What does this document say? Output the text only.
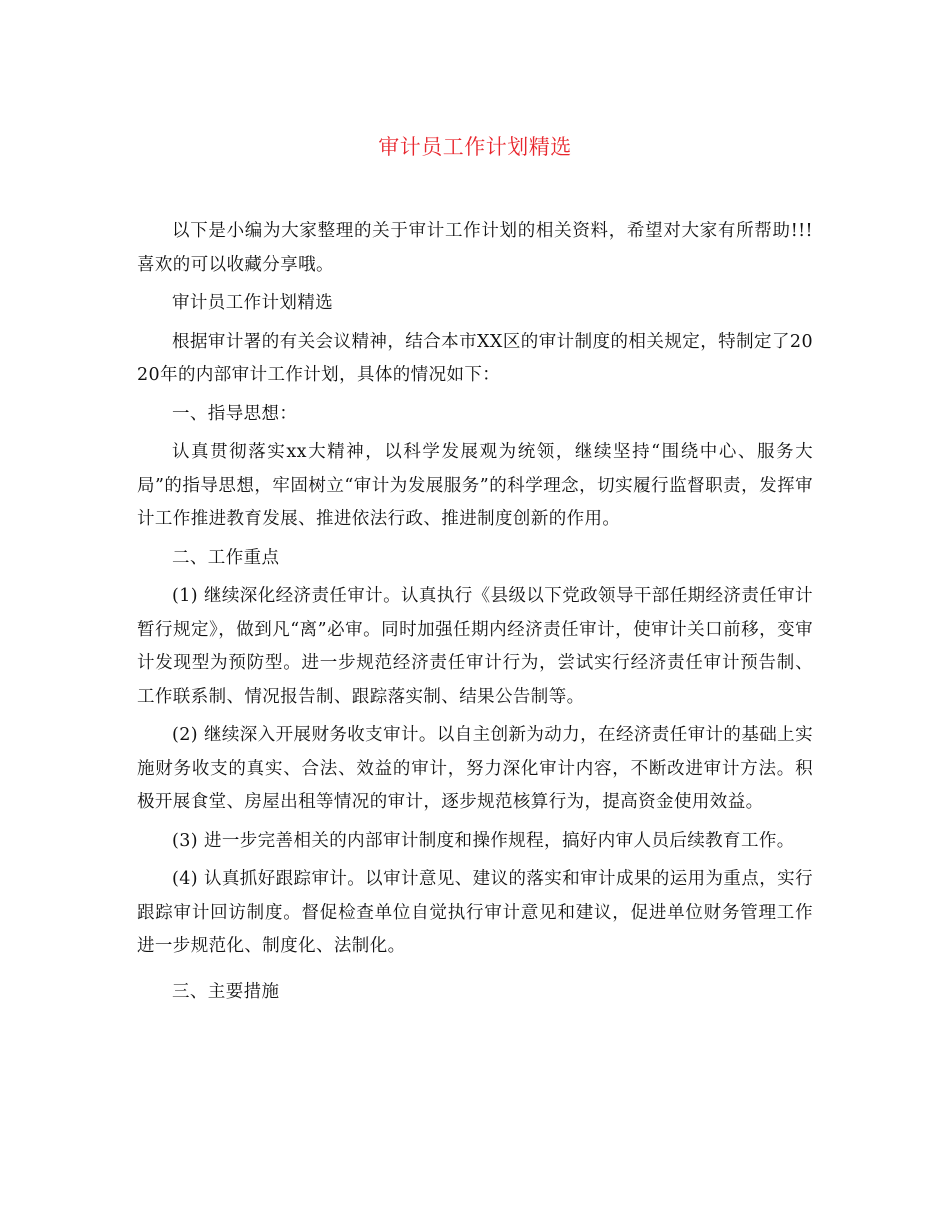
审计员工作计划精选

以下是小编为大家整理的关于审计工作计划的相关资料，希望对大家有所帮助!!!喜欢的可以收藏分享哦。

审计员工作计划精选

根据审计署的有关会议精神，结合本市XX区的审计制度的相关规定，特制定了2020年的内部审计工作计划，具体的情况如下：

一、指导思想：

认真贯彻落实xx大精神，以科学发展观为统领，继续坚持“围绕中心、服务大局”的指导思想，牢固树立“审计为发展服务”的科学理念，切实履行监督职责，发挥审计工作推进教育发展、推进依法行政、推进制度创新的作用。

二、工作重点

(1) 继续深化经济责任审计。认真执行《县级以下党政领导干部任期经济责任审计暂行规定》，做到凡“离”必审。同时加强任期内经济责任审计，使审计关口前移，变审计发现型为预防型。进一步规范经济责任审计行为，尝试实行经济责任审计预告制、工作联系制、情况报告制、跟踪落实制、结果公告制等。

(2) 继续深入开展财务收支审计。以自主创新为动力，在经济责任审计的基础上实施财务收支的真实、合法、效益的审计，努力深化审计内容，不断改进审计方法。积极开展食堂、房屋出租等情况的审计，逐步规范核算行为，提高资金使用效益。

(3) 进一步完善相关的内部审计制度和操作规程，搞好内审人员后续教育工作。

(4) 认真抓好跟踪审计。以审计意见、建议的落实和审计成果的运用为重点，实行跟踪审计回访制度。督促检查单位自觉执行审计意见和建议，促进单位财务管理工作进一步规范化、制度化、法制化。

三、主要措施
